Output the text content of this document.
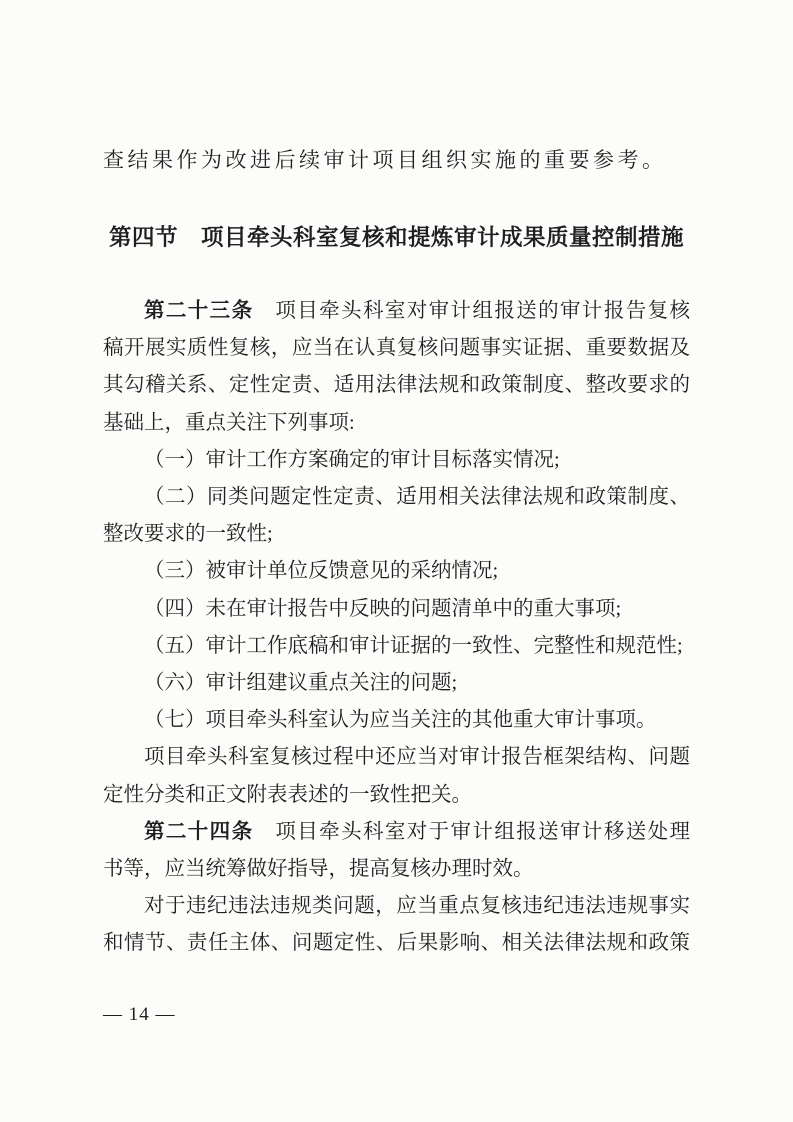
查结果作为改进后续审计项目组织实施的重要参考。
第四节　项目牵头科室复核和提炼审计成果质量控制措施
第二十三条　项目牵头科室对审计组报送的审计报告复核
稿开展实质性复核，应当在认真复核问题事实证据、重要数据及
其勾稽关系、定性定责、适用法律法规和政策制度、整改要求的
基础上，重点关注下列事项:
（一）审计工作方案确定的审计目标落实情况;
（二）同类问题定性定责、适用相关法律法规和政策制度、
整改要求的一致性;
（三）被审计单位反馈意见的采纳情况;
（四）未在审计报告中反映的问题清单中的重大事项;
（五）审计工作底稿和审计证据的一致性、完整性和规范性;
（六）审计组建议重点关注的问题;
（七）项目牵头科室认为应当关注的其他重大审计事项。
项目牵头科室复核过程中还应当对审计报告框架结构、问题
定性分类和正文附表表述的一致性把关。
第二十四条　项目牵头科室对于审计组报送审计移送处理
书等，应当统筹做好指导，提高复核办理时效。
对于违纪违法违规类问题，应当重点复核违纪违法违规事实
和情节、责任主体、问题定性、后果影响、相关法律法规和政策
— 14 —
